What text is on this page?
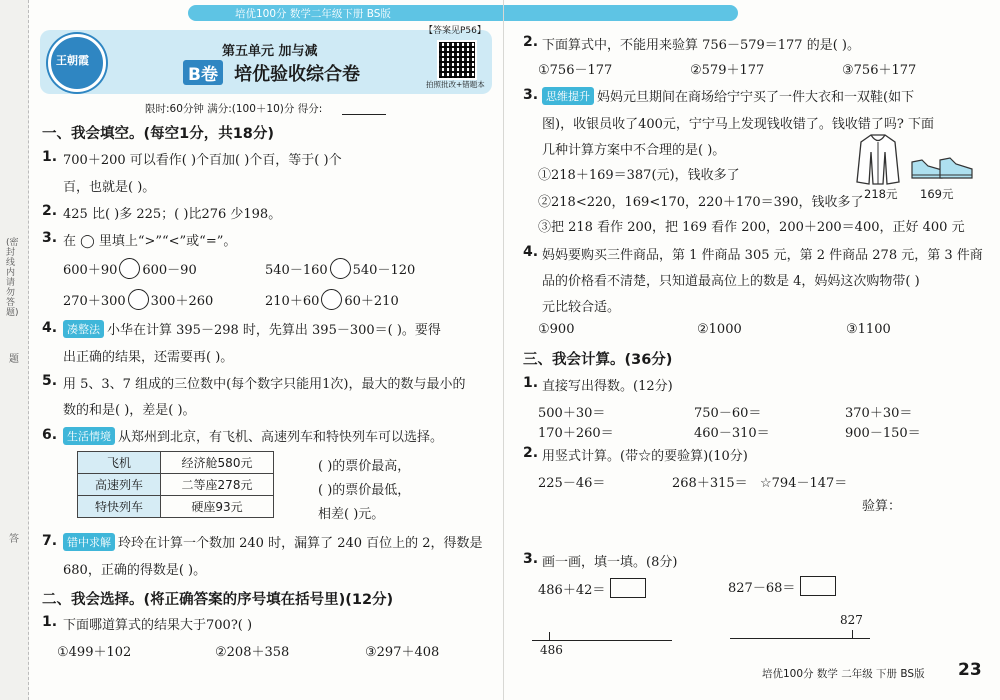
(密封线内请勿答题)
题
答
培优100分 数学二年级下册 BS版
王朝霞
第五单元 加与减
B卷 培优验收综合卷
【答案见P56】
拍照批改+错题本
限时:60分钟 满分:(100＋10)分 得分:
一、我会填空。(每空1分，共18分)
1. 700＋200 可以看作( )个百加( )个百，等于( )个
百，也就是( )。
2. 425 比( )多 225；( )比276 少198。
3. 在 ◯ 里填上“>”“<”或“=”。
600＋90 600－90	540－160 540－120
270＋300 300＋260	210＋60 60＋210
4. 凑整法 小华在计算 395－298 时，先算出 395－300＝( )。要得
出正确的结果，还需要再( )。
5. 用 5、3、7 组成的三位数中(每个数字只能用1次)，最大的数与最小的
数的和是( )，差是( )。
6. 生活情境 从郑州到北京，有飞机、高速列车和特快列车可以选择。
飞机	经济舱580元
高速列车	二等座278元
特快列车	硬座93元
( )的票价最高，
( )的票价最低，
相差( )元。
7. 错中求解 玲玲在计算一个数加 240 时，漏算了 240 百位上的 2，得数是
680，正确的得数是( )。
二、我会选择。(将正确答案的序号填在括号里)(12分)
1. 下面哪道算式的结果大于700?( )
①499＋102	②208＋358	③297＋408
2. 下面算式中，不能用来验算 756－579＝177 的是( )。
①756－177	②579＋177	③756＋177
3. 思维提升 妈妈元旦期间在商场给宁宁买了一件大衣和一双鞋(如下
图)，收银员收了400元，宁宁马上发现钱收错了。钱收错了吗? 下面
几种计算方案中不合理的是( )。
①218＋169＝387(元)，钱收多了
②218<220，169<170，220＋170＝390，钱收多了
③把 218 看作 200，把 169 看作 200，200＋200＝400，正好 400 元
218元 169元
4. 妈妈要购买三件商品，第 1 件商品 305 元，第 2 件商品 278 元，第 3 件商
品的价格看不清楚，只知道最高位上的数是 4，妈妈这次购物带( )
元比较合适。
①900	②1000	③1100
三、我会计算。(36分)
1. 直接写出得数。(12分)
500＋30＝	750－60＝	370＋30＝
170＋260＝	460－310＝	900－150＝
2. 用竖式计算。(带☆的要验算)(10分)
225－46＝	268＋315＝ ☆794－147＝
验算：
3. 画一画，填一填。(8分)
486＋42＝	827－68＝
486
827
培优100分 数学 二年级 下册 BS版 23
